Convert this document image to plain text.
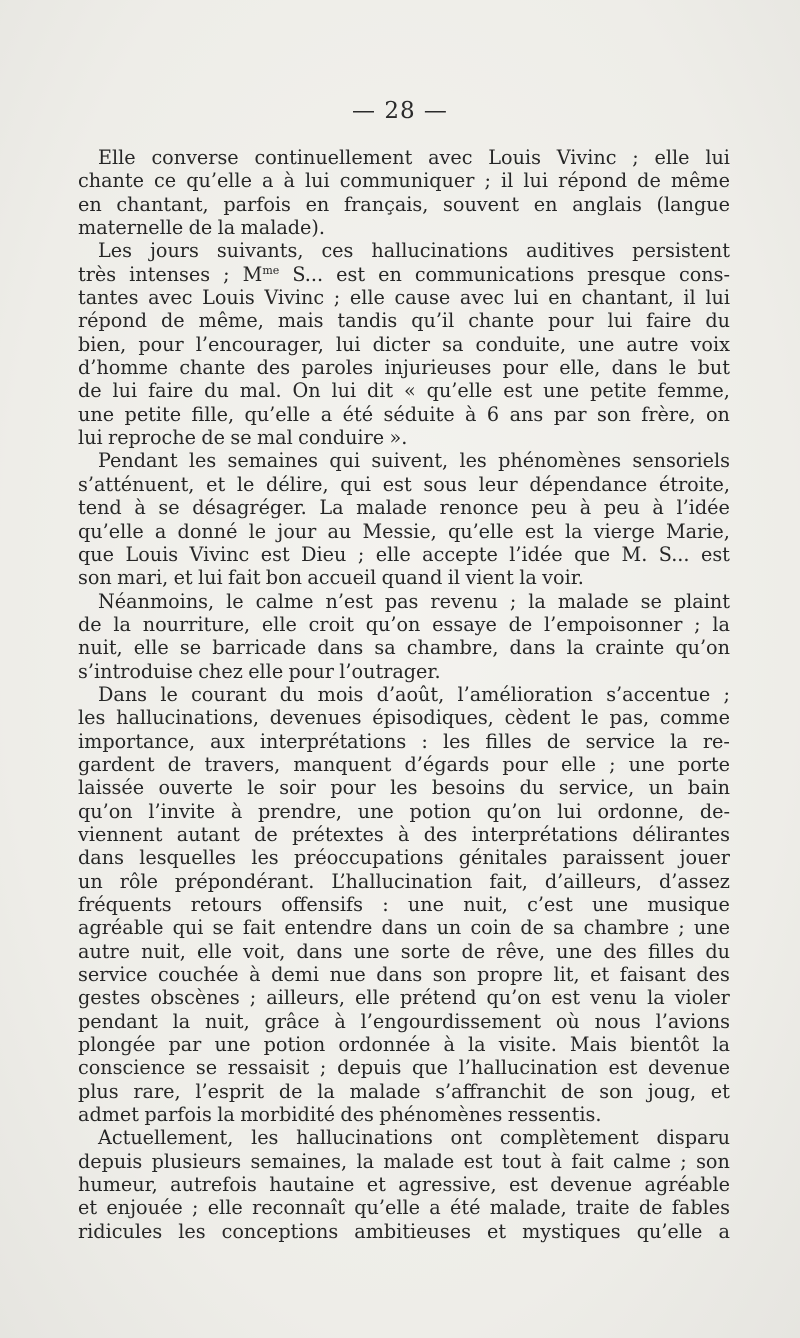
— 28 —
Elle converse continuellement avec Louis Vivinc ; elle lui
chante ce qu’elle a à lui communiquer ; il lui répond de même
en chantant, parfois en français, souvent en anglais (langue
maternelle de la malade).
Les jours suivants, ces hallucinations auditives persistent
très intenses ; $M^{me}$ S... est en communications presque cons-
tantes avec Louis Vivinc ; elle cause avec lui en chantant, il lui
répond de même, mais tandis qu’il chante pour lui faire du
bien, pour l’encourager, lui dicter sa conduite, une autre voix
d’homme chante des paroles injurieuses pour elle, dans le but
de lui faire du mal. On lui dit « qu’elle est une petite femme,
une petite fille, qu’elle a été séduite à 6 ans par son frère, on
lui reproche de se mal conduire ».
Pendant les semaines qui suivent, les phénomènes sensoriels
s’atténuent, et le délire, qui est sous leur dépendance étroite,
tend à se désagréger. La malade renonce peu à peu à l’idée
qu’elle a donné le jour au Messie, qu’elle est la vierge Marie,
que Louis Vivinc est Dieu ; elle accepte l’idée que M. S... est
son mari, et lui fait bon accueil quand il vient la voir.
Néanmoins, le calme n’est pas revenu ; la malade se plaint
de la nourriture, elle croit qu’on essaye de l’empoisonner ; la
nuit, elle se barricade dans sa chambre, dans la crainte qu’on
s’introduise chez elle pour l’outrager.
Dans le courant du mois d’août, l’amélioration s’accentue ;
les hallucinations, devenues épisodiques, cèdent le pas, comme
importance, aux interprétations : les filles de service la re-
gardent de travers, manquent d’égards pour elle ; une porte
laissée ouverte le soir pour les besoins du service, un bain
qu’on l’invite à prendre, une potion qu’on lui ordonne, de-
viennent autant de prétextes à des interprétations délirantes
dans lesquelles les préoccupations génitales paraissent jouer
un rôle prépondérant. L’hallucination fait, d’ailleurs, d’assez
fréquents retours offensifs : une nuit, c’est une musique
agréable qui se fait entendre dans un coin de sa chambre ; une
autre nuit, elle voit, dans une sorte de rêve, une des filles du
service couchée à demi nue dans son propre lit, et faisant des
gestes obscènes ; ailleurs, elle prétend qu’on est venu la violer
pendant la nuit, grâce à l’engourdissement où nous l’avions
plongée par une potion ordonnée à la visite. Mais bientôt la
conscience se ressaisit ; depuis que l’hallucination est devenue
plus rare, l’esprit de la malade s’affranchit de son joug, et
admet parfois la morbidité des phénomènes ressentis.
Actuellement, les hallucinations ont complètement disparu
depuis plusieurs semaines, la malade est tout à fait calme ; son
humeur, autrefois hautaine et agressive, est devenue agréable
et enjouée ; elle reconnaît qu’elle a été malade, traite de fables
ridicules les conceptions ambitieuses et mystiques qu’elle a
